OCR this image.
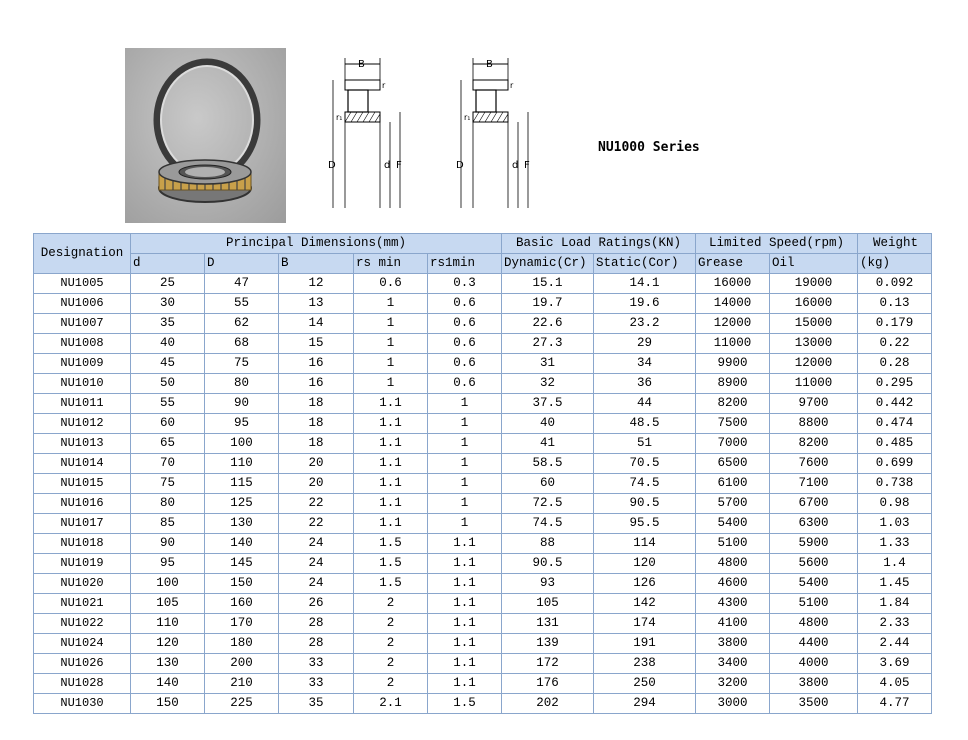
B
D	d F
r
r₁
B
D	d F
r
r₁
NU1000 Series
Designation	Principal Dimensions(mm)					Basic Load Ratings(KN)		Limited Speed(rpm)		Weight
	d	D	B	rs min	rs1min	Dynamic(Cr)	Static(Cor)	Grease	Oil	(kg)
NU1005	25	47	12	0.6	0.3	15.1	14.1	16000	19000	0.092
NU1006	30	55	13	1	0.6	19.7	19.6	14000	16000	0.13
NU1007	35	62	14	1	0.6	22.6	23.2	12000	15000	0.179
NU1008	40	68	15	1	0.6	27.3	29	11000	13000	0.22
NU1009	45	75	16	1	0.6	31	34	9900	12000	0.28
NU1010	50	80	16	1	0.6	32	36	8900	11000	0.295
NU1011	55	90	18	1.1	1	37.5	44	8200	9700	0.442
NU1012	60	95	18	1.1	1	40	48.5	7500	8800	0.474
NU1013	65	100	18	1.1	1	41	51	7000	8200	0.485
NU1014	70	110	20	1.1	1	58.5	70.5	6500	7600	0.699
NU1015	75	115	20	1.1	1	60	74.5	6100	7100	0.738
NU1016	80	125	22	1.1	1	72.5	90.5	5700	6700	0.98
NU1017	85	130	22	1.1	1	74.5	95.5	5400	6300	1.03
NU1018	90	140	24	1.5	1.1	88	114	5100	5900	1.33
NU1019	95	145	24	1.5	1.1	90.5	120	4800	5600	1.4
NU1020	100	150	24	1.5	1.1	93	126	4600	5400	1.45
NU1021	105	160	26	2	1.1	105	142	4300	5100	1.84
NU1022	110	170	28	2	1.1	131	174	4100	4800	2.33
NU1024	120	180	28	2	1.1	139	191	3800	4400	2.44
NU1026	130	200	33	2	1.1	172	238	3400	4000	3.69
NU1028	140	210	33	2	1.1	176	250	3200	3800	4.05
NU1030	150	225	35	2.1	1.5	202	294	3000	3500	4.77
